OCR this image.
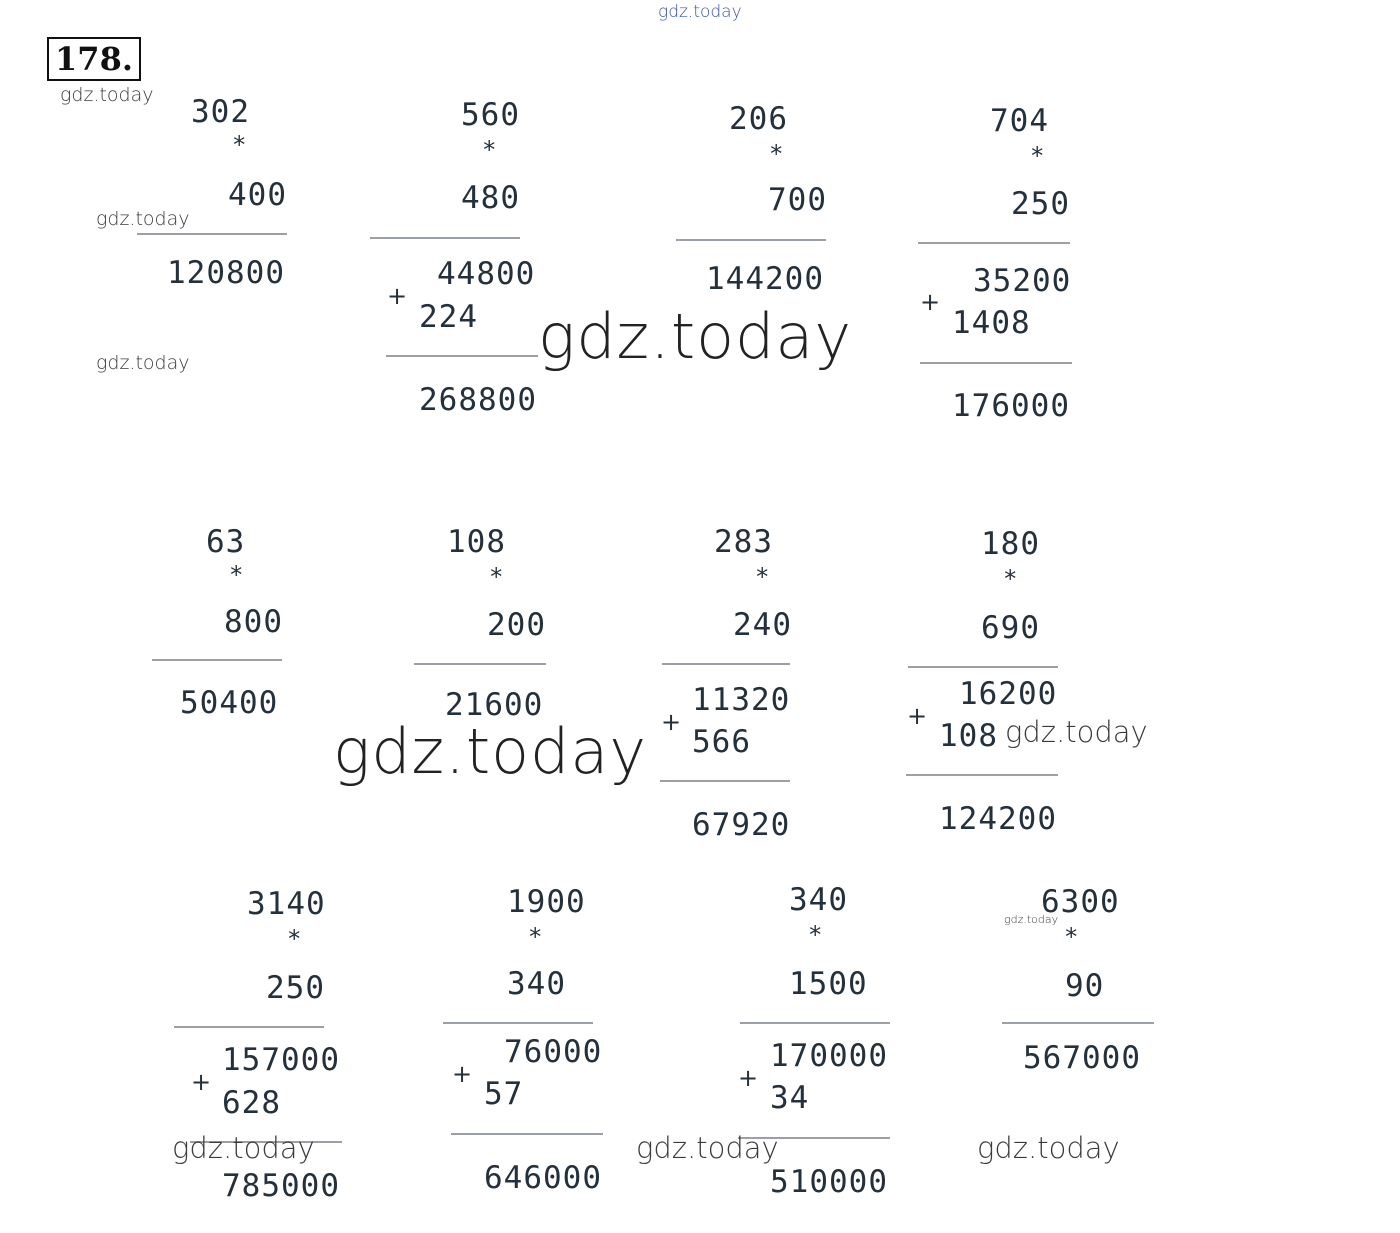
178.
302
*
400
120800
560
*
480
44800
+
224
268800
206
*
700
144200
704
*
250
35200
+
1408
176000
63
*
800
50400
108
*
200
21600
283
*
240
11320
+
566
67920
180
*
690
16200
+
108
124200
3140
*
250
157000
+
628
785000
1900
*
340
76000
+
57
646000
340
*
1500
170000
+
34
510000
6300
*
90
567000
gdz.today
gdz.today
gdz.today
gdz.today	gdz.today
gdz.today	gdz.today
gdz.today
gdz.today	gdz.today	gdz.today
